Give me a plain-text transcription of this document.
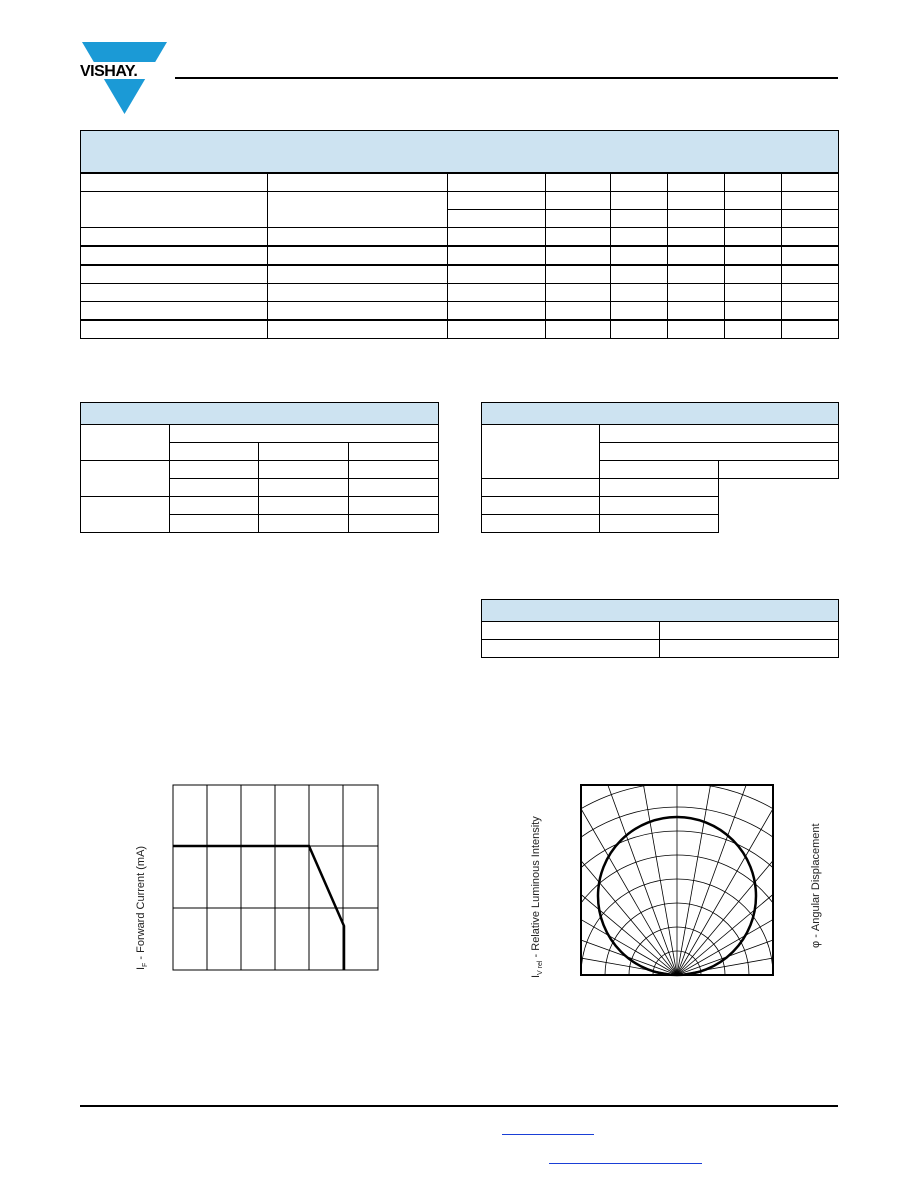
VISHAY.

$I_F$ - Forward Current (mA)
$I_{V rel}$ - Relative Luminous Intensity	φ - Angular Displacement
